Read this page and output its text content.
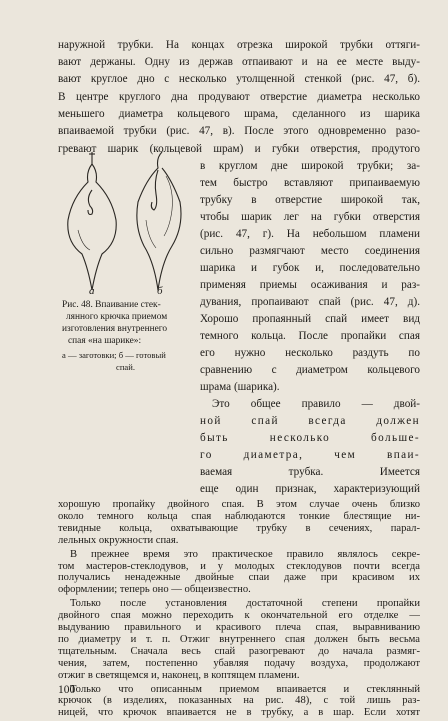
наружной трубки. На концах отрезка широкой трубки оттяги-
вают держаны. Одну из держав отпаивают и на ее месте выду-
вают круглое дно с несколько утолщенной стенкой (рис. 47, б).
В центре круглого дна продувают отверстие диаметра несколько
меньшего диаметра кольцевого шрама, сделанного из шарика
впаиваемой трубки (рис. 47, в). После этого одновременно разо-
гревают шарик (кольцевой шрам) и губки отверстия, продутого
а	б
Рис. 48. Впаивание стек-
лянного крючка приемом
изготовления внутреннего
спая «на шарике»:
а — заготовки; б — готовый
спай.
в круглом дне широкой трубки; за-
тем быстро вставляют припаиваемую
трубку в отверстие широкой так,
чтобы шарик лег на губки отверстия
(рис. 47, г). На небольшом пламени
сильно размягчают место соединения
шарика и губок и, последовательно
применяя приемы осаживания и раз-
дувания, пропаивают спай (рис. 47, д).
Хорошо пропаянный спай имеет вид
темного кольца. После пропайки спая
его нужно несколько раздуть по
сравнению с диаметром кольцевого
шрама (шарика).
Это общее правило — двой-
ной спай всегда должен
быть несколько больше-
го диаметра, чем впаи-
ваемая трубка. Имеется
еще один признак, характеризующий
хорошую пропайку двойного спая. В этом случае очень близко
около темного кольца спая наблюдаются тонкие блестящие ни-
тевидные кольца, охватывающие трубку в сечениях, парал-
лельных окружности спая.
В прежнее время это практическое правило являлось секре-
том мастеров-стеклодувов, и у молодых стеклодувов почти всегда
получались ненадежные двойные спаи даже при красивом их
оформлении; теперь оно — общеизвестно.
Только после установления достаточной степени пропайки
двойного спая можно переходить к окончательной его отделке —
выдуванию правильного и красивого плеча спая, выравниванию
по диаметру и т. п. Отжиг внутреннего спая должен быть весьма
тщательным. Сначала весь спай разогревают до начала размяг-
чения, затем, постепенно убавляя подачу воздуха, продолжают
отжиг в светящемся и, наконец, в коптящем пламени.
Только что описанным приемом впаивается и стеклянный
крючок (в изделиях, показанных на рис. 48), с той лишь раз-
ницей, что крючок впаивается не в трубку, а в шар. Если хотят
100
